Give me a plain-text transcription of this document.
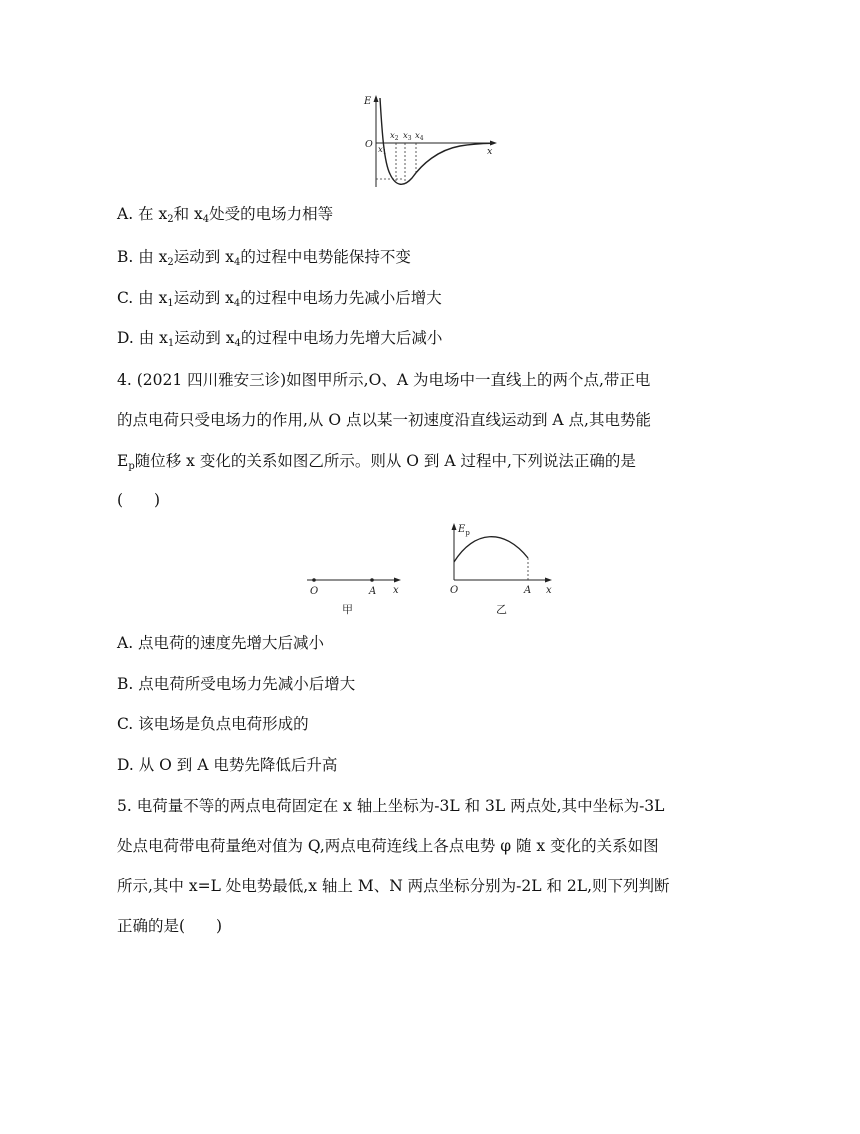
E
O
x
$x_1$
$x_2$ $x_3$ $x_4$
A. 在 $x_2$和 $x_4$处受的电场力相等
B. 由 $x_2$运动到 $x_4$的过程中电势能保持不变
C. 由 $x_1$运动到 $x_4$的过程中电场力先减小后增大
D. 由 $x_1$运动到 $x_4$的过程中电场力先增大后减小
4. (2021 四川雅安三诊)如图甲所示,O、A 为电场中一直线上的两个点,带正电
的点电荷只受电场力的作用,从 O 点以某一初速度沿直线运动到 A 点,其电势能
$E_p$随位移 x 变化的关系如图乙所示。则从 O 到 A 过程中,下列说法正确的是
(　　)
O	A x
甲
$E_p$
O	A x
乙
A. 点电荷的速度先增大后减小
B. 点电荷所受电场力先减小后增大
C. 该电场是负点电荷形成的
D. 从 O 到 A 电势先降低后升高
5. 电荷量不等的两点电荷固定在 x 轴上坐标为-3L 和 3L 两点处,其中坐标为-3L
处点电荷带电荷量绝对值为 Q,两点电荷连线上各点电势 φ 随 x 变化的关系如图
所示,其中 x=L 处电势最低,x 轴上 M、N 两点坐标分别为-2L 和 2L,则下列判断
正确的是(　　)
